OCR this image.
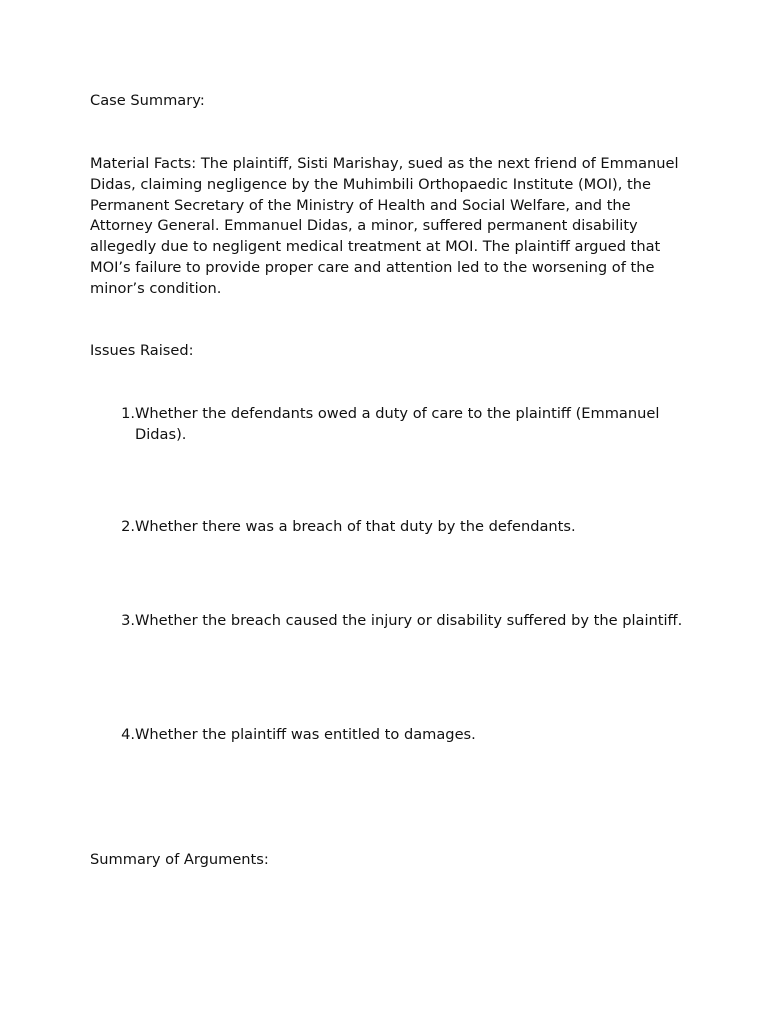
Case Summary:

Material Facts: The plaintiff, Sisti Marishay, sued as the next friend of Emmanuel Didas, claiming negligence by the Muhimbili Orthopaedic Institute (MOI), the Permanent Secretary of the Ministry of Health and Social Welfare, and the Attorney General. Emmanuel Didas, a minor, suffered permanent disability allegedly due to negligent medical treatment at MOI. The plaintiff argued that MOI’s failure to provide proper care and attention led to the worsening of the minor’s condition.

Issues Raised:

1. Whether the defendants owed a duty of care to the plaintiff (Emmanuel Didas).
2. Whether there was a breach of that duty by the defendants.
3. Whether the breach caused the injury or disability suffered by the plaintiff.
4. Whether the plaintiff was entitled to damages.

Summary of Arguments:
